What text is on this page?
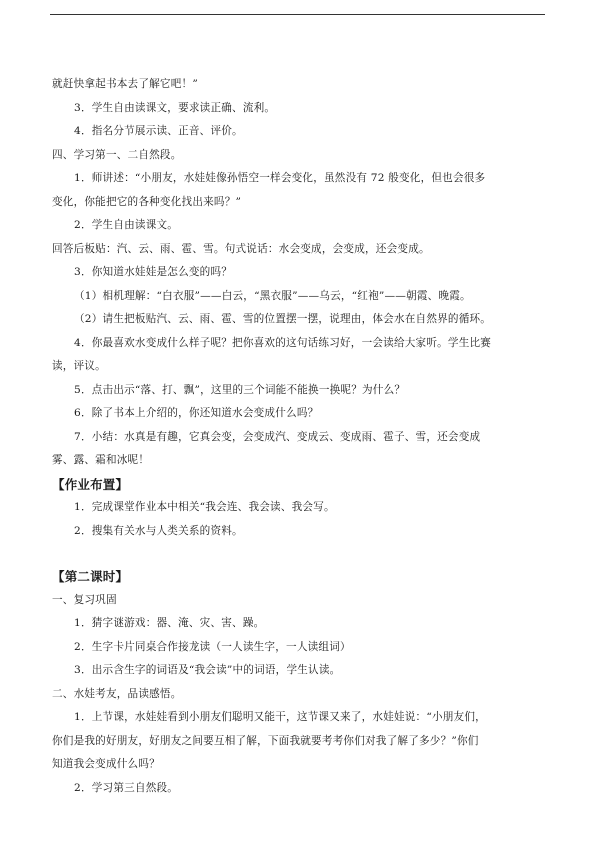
就赶快拿起书本去了解它吧！”
3．学生自由读课文，要求读正确、流利。
4．指名分节展示读、正音、评价。
四、学习第一、二自然段。
1．师讲述：“小朋友，水娃娃像孙悟空一样会变化，虽然没有 72 般变化，但也会很多
变化，你能把它的各种变化找出来吗？”
2．学生自由读课文。
回答后板贴：汽、云、雨、雹、雪。句式说话：水会变成，会变成，还会变成。
3．你知道水娃娃是怎么变的吗？
（1）相机理解：“白衣服”——白云，“黑衣服”——乌云，“红袍”——朝霞、晚霞。
（2）请生把板贴汽、云、雨、雹、雪的位置摆一摆，说理由，体会水在自然界的循环。
4．你最喜欢水变成什么样子呢？把你喜欢的这句话练习好，一会读给大家听。学生比赛
读，评议。
5．点击出示“落、打、飘”，这里的三个词能不能换一换呢？为什么？
6．除了书本上介绍的，你还知道水会变成什么吗？
7．小结：水真是有趣，它真会变，会变成汽、变成云、变成雨、雹子、雪，还会变成
雾、露、霜和冰呢！
【作业布置】
1．完成课堂作业本中相关“我会连、我会读、我会写。
2．搜集有关水与人类关系的资料。
【第二课时】
一、复习巩固
1．猜字谜游戏：器、淹、灾、害、躁。
2．生字卡片同桌合作接龙读（一人读生字，一人读组词）
3．出示含生字的词语及“我会读”中的词语，学生认读。
二、水娃考友，品读感悟。
1．上节课，水娃娃看到小朋友们聪明又能干，这节课又来了，水娃娃说：“小朋友们，
你们是我的好朋友，好朋友之间要互相了解，下面我就要考考你们对我了解了多少？”你们
知道我会变成什么吗？
2．学习第三自然段。
